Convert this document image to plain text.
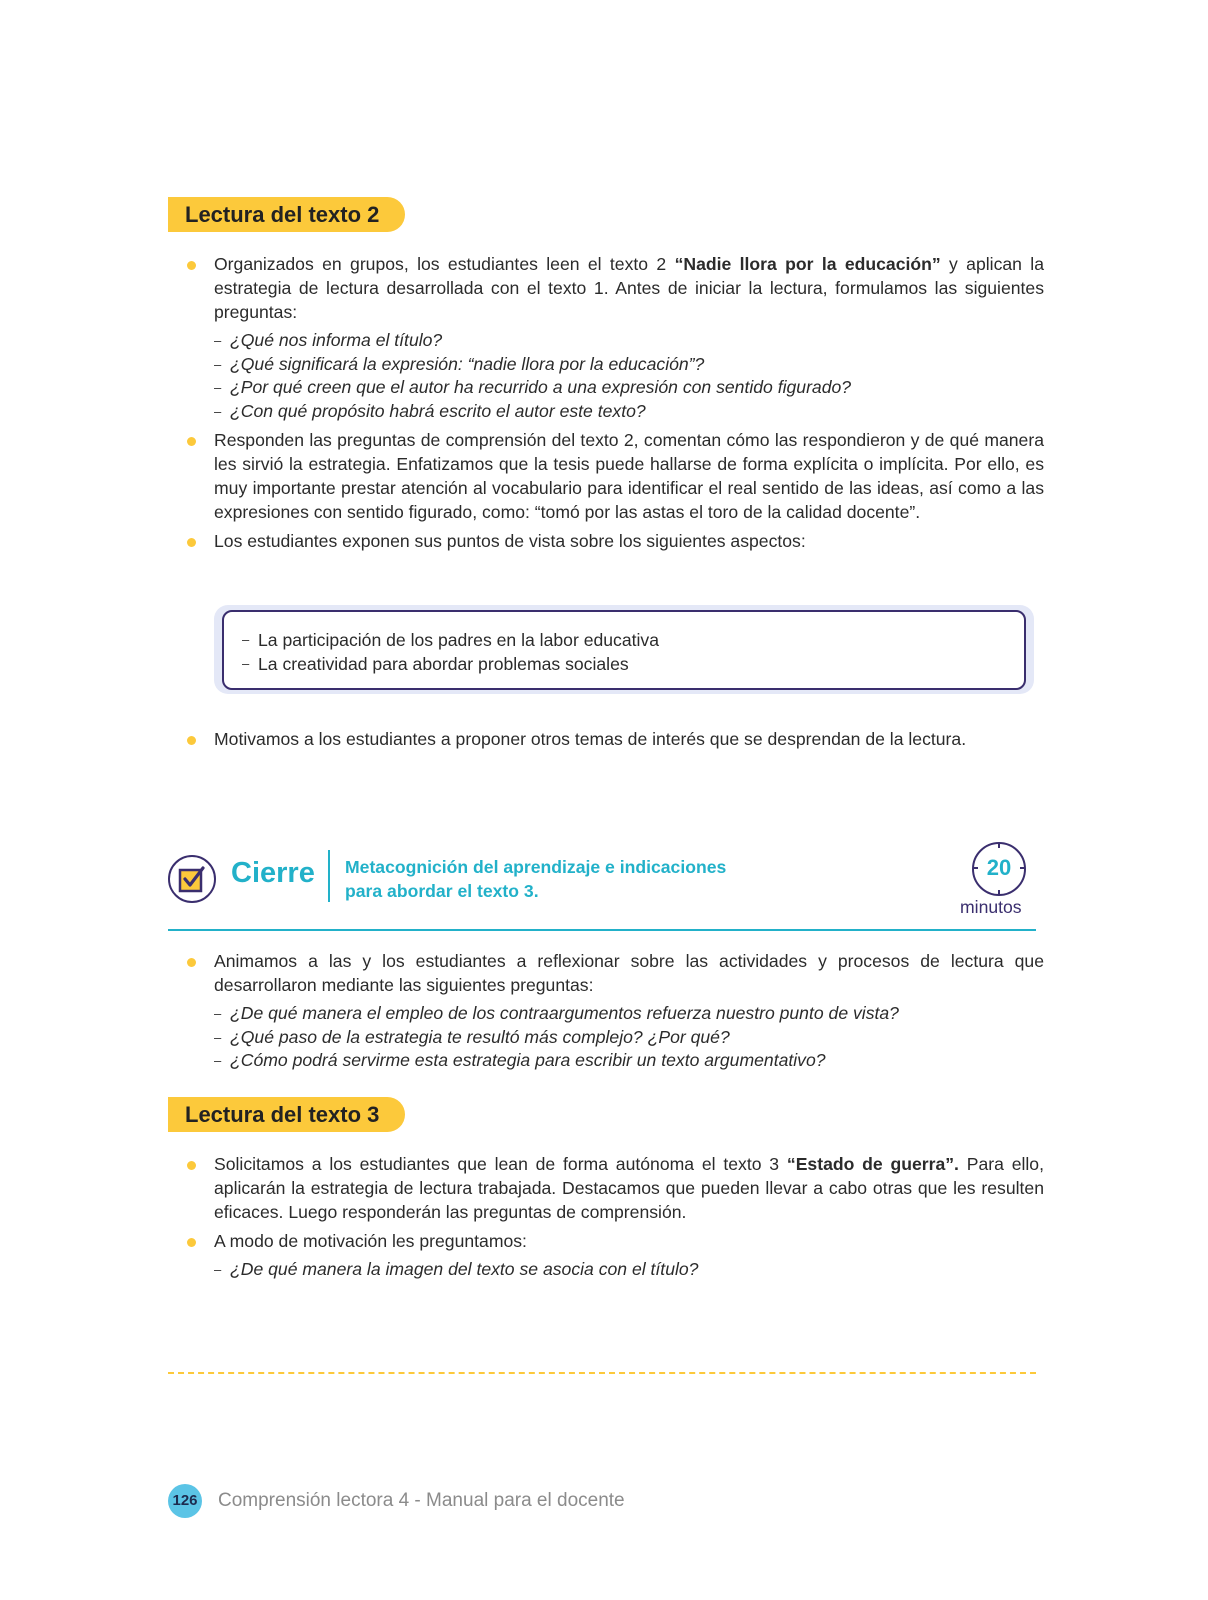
Lectura del texto 2
Organizados en grupos, los estudiantes leen el texto 2 “Nadie llora por la educación” y aplican la estrategia de lectura desarrollada con el texto 1. Antes de iniciar la lectura, formulamos las siguientes preguntas:
– ¿Qué nos informa el título?
– ¿Qué significará la expresión: “nadie llora por la educación”?
– ¿Por qué creen que el autor ha recurrido a una expresión con sentido figurado?
– ¿Con qué propósito habrá escrito el autor este texto?
Responden las preguntas de comprensión del texto 2, comentan cómo las respondieron y de qué manera les sirvió la estrategia. Enfatizamos que la tesis puede hallarse de forma explícita o implícita. Por ello, es muy importante prestar atención al vocabulario para identificar el real sentido de las ideas, así como a las expresiones con sentido figurado, como: “tomó por las astas el toro de la calidad docente”.
Los estudiantes exponen sus puntos de vista sobre los siguientes aspectos:
– La participación de los padres en la labor educativa
– La creatividad para abordar problemas sociales
Motivamos a los estudiantes a proponer otros temas de interés que se desprendan de la lectura.
Cierre Metacognición del aprendizaje e indicaciones para abordar el texto 3.
20
minutos
Animamos a las y los estudiantes a reflexionar sobre las actividades y procesos de lectura que desarrollaron mediante las siguientes preguntas:
– ¿De qué manera el empleo de los contraargumentos refuerza nuestro punto de vista?
– ¿Qué paso de la estrategia te resultó más complejo? ¿Por qué?
– ¿Cómo podrá servirme esta estrategia para escribir un texto argumentativo?
Lectura del texto 3
Solicitamos a los estudiantes que lean de forma autónoma el texto 3 “Estado de guerra”. Para ello, aplicarán la estrategia de lectura trabajada. Destacamos que pueden llevar a cabo otras que les resulten eficaces. Luego responderán las preguntas de comprensión.
A modo de motivación les preguntamos:
– ¿De qué manera la imagen del texto se asocia con el título?
126 Comprensión lectora 4 - Manual para el docente
